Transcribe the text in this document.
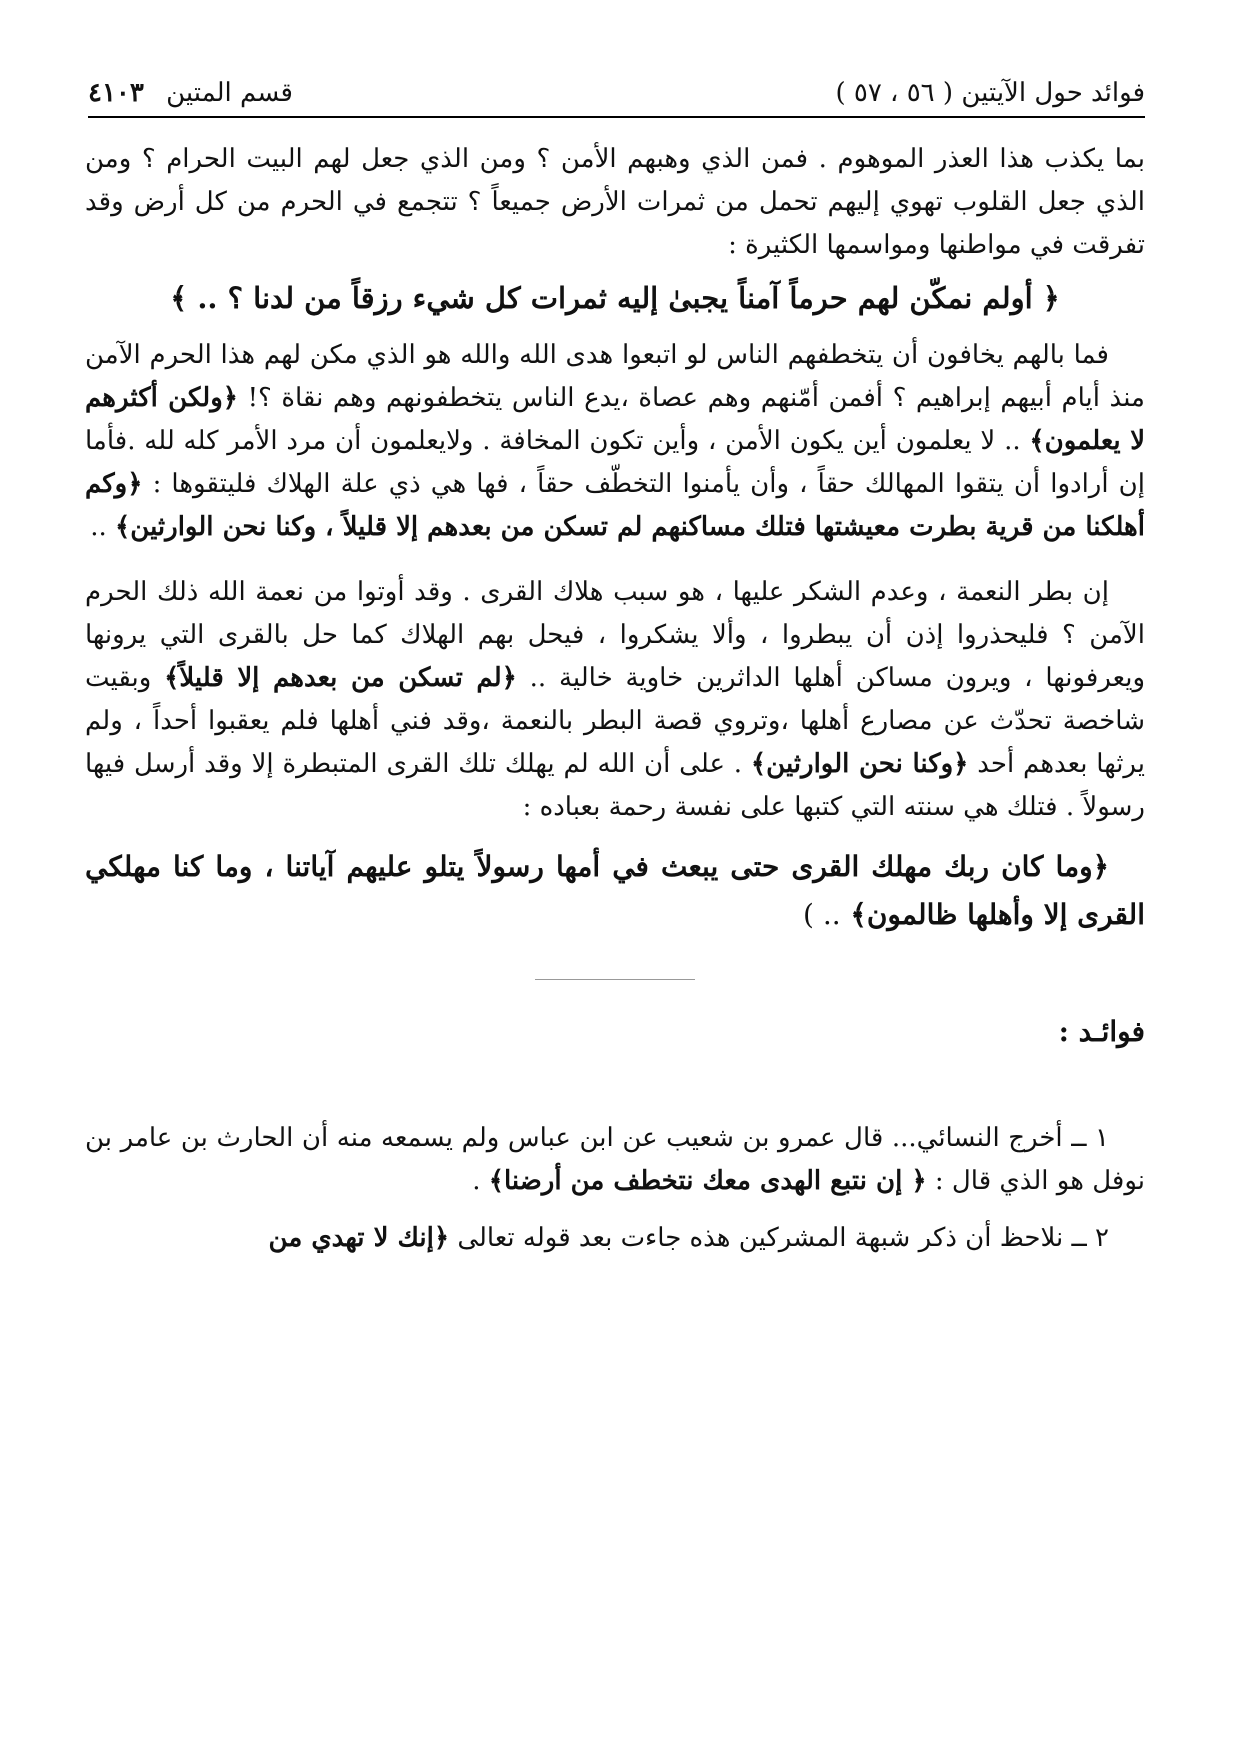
فوائد حول الآيتين ( ٥٦ ، ٥٧ )
قسم المتين ٤١٠٣

بما يكذب هذا العذر الموهوم . فمن الذي وهبهم الأمن ؟ ومن الذي جعل لهم البيت الحرام ؟ ومن الذي جعل القلوب تهوي إليهم تحمل من ثمرات الأرض جميعاً ؟ تتجمع في الحرم من كل أرض وقد تفرقت في مواطنها ومواسمها الكثيرة :

﴿ أولم نمكّن لهم حرماً آمناً يجبىٰ إليه ثمرات كل شيء رزقاً من لدنا ؟ .. ﴾

فما بالهم يخافون أن يتخطفهم الناس لو اتبعوا هدى الله والله هو الذي مكن لهم هذا الحرم الآمن منذ أيام أبيهم إبراهيم ؟ أفمن أمّنهم وهم عصاة ،يدع الناس يتخطفونهم وهم نقاة ؟! ﴿ولكن أكثرهم لا يعلمون﴾ .. لا يعلمون أين يكون الأمن ، وأين تكون المخافة . ولايعلمون أن مرد الأمر كله لله .فأما إن أرادوا أن يتقوا المهالك حقاً ، وأن يأمنوا التخطّف حقاً ، فها هي ذي علة الهلاك فليتقوها : ﴿وكم أهلكنا من قرية بطرت معيشتها فتلك مساكنهم لم تسكن من بعدهم إلا قليلاً ، وكنا نحن الوارثين﴾ ..

إن بطر النعمة ، وعدم الشكر عليها ، هو سبب هلاك القرى . وقد أوتوا من نعمة الله ذلك الحرم الآمن ؟ فليحذروا إذن أن يبطروا ، وألا يشكروا ، فيحل بهم الهلاك كما حل بالقرى التي يرونها ويعرفونها ، ويرون مساكن أهلها الداثرين خاوية خالية .. ﴿لم تسكن من بعدهم إلا قليلاً﴾ وبقيت شاخصة تحدّث عن مصارع أهلها ،وتروي قصة البطر بالنعمة ،وقد فني أهلها فلم يعقبوا أحداً ، ولم يرثها بعدهم أحد ﴿وكنا نحن الوارثين﴾ . على أن الله لم يهلك تلك القرى المتبطرة إلا وقد أرسل فيها رسولاً . فتلك هي سنته التي كتبها على نفسة رحمة بعباده :

﴿وما كان ربك مهلك القرى حتى يبعث في أمها رسولاً يتلو عليهم آياتنا ، وما كنا مهلكي القرى إلا وأهلها ظالمون﴾ .. )

فوائـد :

١ ــ أخرج النسائي... قال عمرو بن شعيب عن ابن عباس ولم يسمعه منه أن الحارث بن عامر بن نوفل هو الذي قال : ﴿ إن نتبع الهدى معك نتخطف من أرضنا﴾ .

٢ ــ نلاحظ أن ذكر شبهة المشركين هذه جاءت بعد قوله تعالى ﴿إنك لا تهدي من
